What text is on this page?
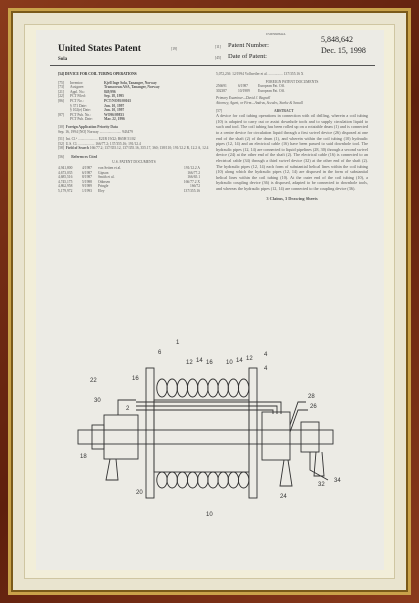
US005848642A
United States Patent	[19]
Sola
[11] Patent Number:
5,848,642
[45] Date of Patent:
Dec. 15, 1998
[54] DEVICE FOR COIL TUBING OPERATIONS
[75] Inventor:	Kjell Inge Sola, Tananger, Norway
[73] Assignee:	Transocean ASA, Tananger, Norway
[21] Appl. No.:	849,996
[22] PCT Filed:	Sep. 18, 1995
[86] PCT No.:	PCT/NO95/00165
§ 371 Date:	Jun. 10, 1997
§ 102(e) Date:	Jun. 10, 1997
[87] PCT Pub. No.:	WO96/09833
PCT Pub. Date:	Mar. 22, 1996
[30] Foreign Application Priority Data
Sep. 16, 1994 [NO] Norway ........................ 943479
[51] Int. Cl.⁶ ...................... E21B 19/22; B65H 51/02
[52] U.S. Cl. .................. 166/77.2; 137/355.16; 191/12.4
[58] Field of Search 166/77.2; 137/355.12, 137/355.16, 355.17, 360; 138/110; 191/12.2 R, 12.2 A, 12.4
[56] References Cited
U.S. PATENT DOCUMENTS
4,941,800	4/1987 von Seiten et al.	191/12.2 A
4,673,035	6/1987 Gipson	166/77.2
4,685,516	8/1987 Smith et al.	166/65.1
4,745,175	5/1988 Odinsen	166/77.2 X
4,862,958	9/1989 Pringle	166/72
5,179,972	1/1993 Eley	137/355.16
5,072,236 12/1994 Vollweiler et al. ................ 137/355.16 X
FOREIGN PATENT DOCUMENTS
256691	6/1987	European Pat. Off.
302387	10/1989 European Pat. Off.
Primary Examiner—David J. Bagnell
Attorney, Agent, or Firm—Andrus, Sceales, Starke & Sawall
[57]	ABSTRACT
A device for coil tubing operations in connection with oil drilling, wherein a coil tubing (10) is adapted to carry out or assist downhole tools and to supply circulation liquid to such and tool. The coil tubing has been rolled up on a rotatable drum (1) and is connected to a centre device for circulation liquid through a first swivel device (26) disposed at one end of the shaft (2) of the drum (1), and wherein within the coil tubing (10) hydraulic pipes (12, 14) and an electrical cable (16) have been passed to said downhole tool. The hydraulic pipes (12, 14) are connected to liquid pipelines (28, 30) through a second swivel device (24) at the other end of the shaft (2). The electrical cable (16) is connected to an electrical cable (34) through a third swivel device (32) at the other end of the shaft (2). The hydraulic pipes (12, 14) each form of substantial helical lines within the coil tubing (10) along which the hydraulic pipes (12, 14) are disposed in the form of substantial helical lines within the coil tubing (10). At the outer end of the coil tubing (10), a hydraulic coupling device (36) is disposed, adapted to be connected to downhole tools, and whereas the hydraulic pipes (12, 14) are connected to the coupling device (36).
3 Claims, 3 Drawing Sheets
1
6	4
12 14 16 10 14 12
16
22
30
28
26
24
32
34
18
20
10
2
4
